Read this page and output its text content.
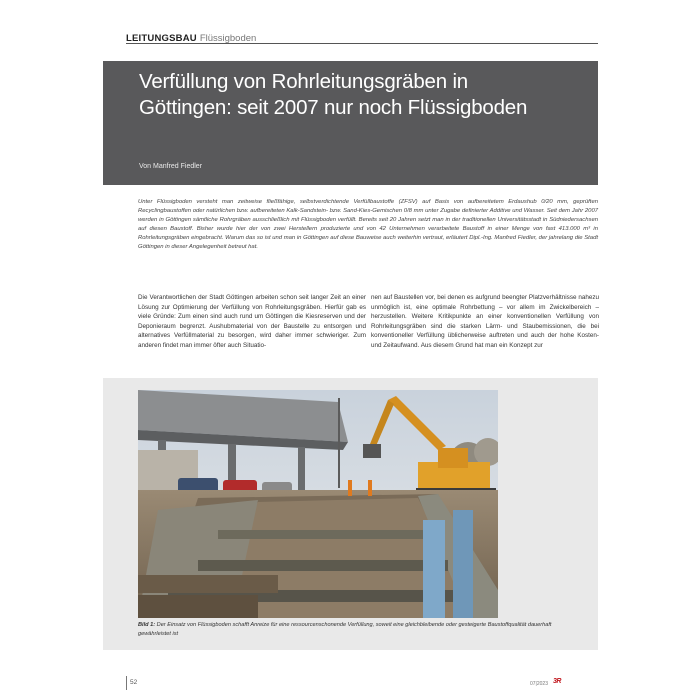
LEITUNGSBAU Flüssigboden
Verfüllung von Rohrleitungsgräben in Göttingen: seit 2007 nur noch Flüssigboden
Von Manfred Fiedler

Unter Flüssigboden versteht man zeitweise fließfähige, selbstverdichtende Verfüllbaustoffe (ZFSV) auf Basis von aufbereitetem Erdaushub 0/20 mm, geprüften Recyclingbaustoffen oder natürlichen bzw. aufbereiteten Kalk-Sandstein- bzw. Sand-Kies-Gemischen 0/8 mm unter Zugabe definierter Additive und Wasser. Seit dem Jahr 2007 werden in Göttingen sämtliche Rohrgräben ausschließlich mit Flüssigboden verfüllt. Bereits seit 20 Jahren setzt man in der traditionellen Universitätsstadt in Südniedersachsen auf diesen Baustoff. Bisher wurde hier der von zwei Herstellern produzierte und von 42 Unternehmen verarbeitete Baustoff in einer Menge von fast 413.000 m³ in Rohrleitungsgräben eingebracht. Warum das so ist und man in Göttingen auf diese Bauweise auch weiterhin vertraut, erläutert Dipl.-Ing. Manfred Fiedler, der jahrelang die Stadt Göttingen in dieser Angelegenheit betreut hat.

Die Verantwortlichen der Stadt Göttingen arbeiten schon seit langer Zeit an einer Lösung zur Optimierung der Verfüllung von Rohrleitungsgräben. Hierfür gab es viele Gründe: Zum einen sind auch rund um Göttingen die Kiesreserven und der Deponieraum begrenzt. Aushubmaterial von der Baustelle zu entsorgen und alternatives Verfüllmaterial zu besorgen, wird daher immer schwieriger. Zum anderen findet man immer öfter auch Situatio-

nen auf Baustellen vor, bei denen es aufgrund beengter Platzverhältnisse nahezu unmöglich ist, eine optimale Rohrbettung – vor allem im Zwickelbereich – herzustellen. Weitere Kritikpunkte an einer konventionellen Verfüllung von Rohrleitungsgräben sind die starken Lärm- und Staubemissionen, die bei konventioneller Verfüllung üblicherweise auftreten und auch der hohe Kosten- und Zeitaufwand. Aus diesem Grund hat man ein Konzept zur

Bild 1: Der Einsatz von Flüssigboden schafft Anreize für eine ressourcenschonende Verfüllung, soweit eine gleichbleibende oder gesteigerte Baustoffqualität dauerhaft gewährleistet ist

52	07|2023 3R
